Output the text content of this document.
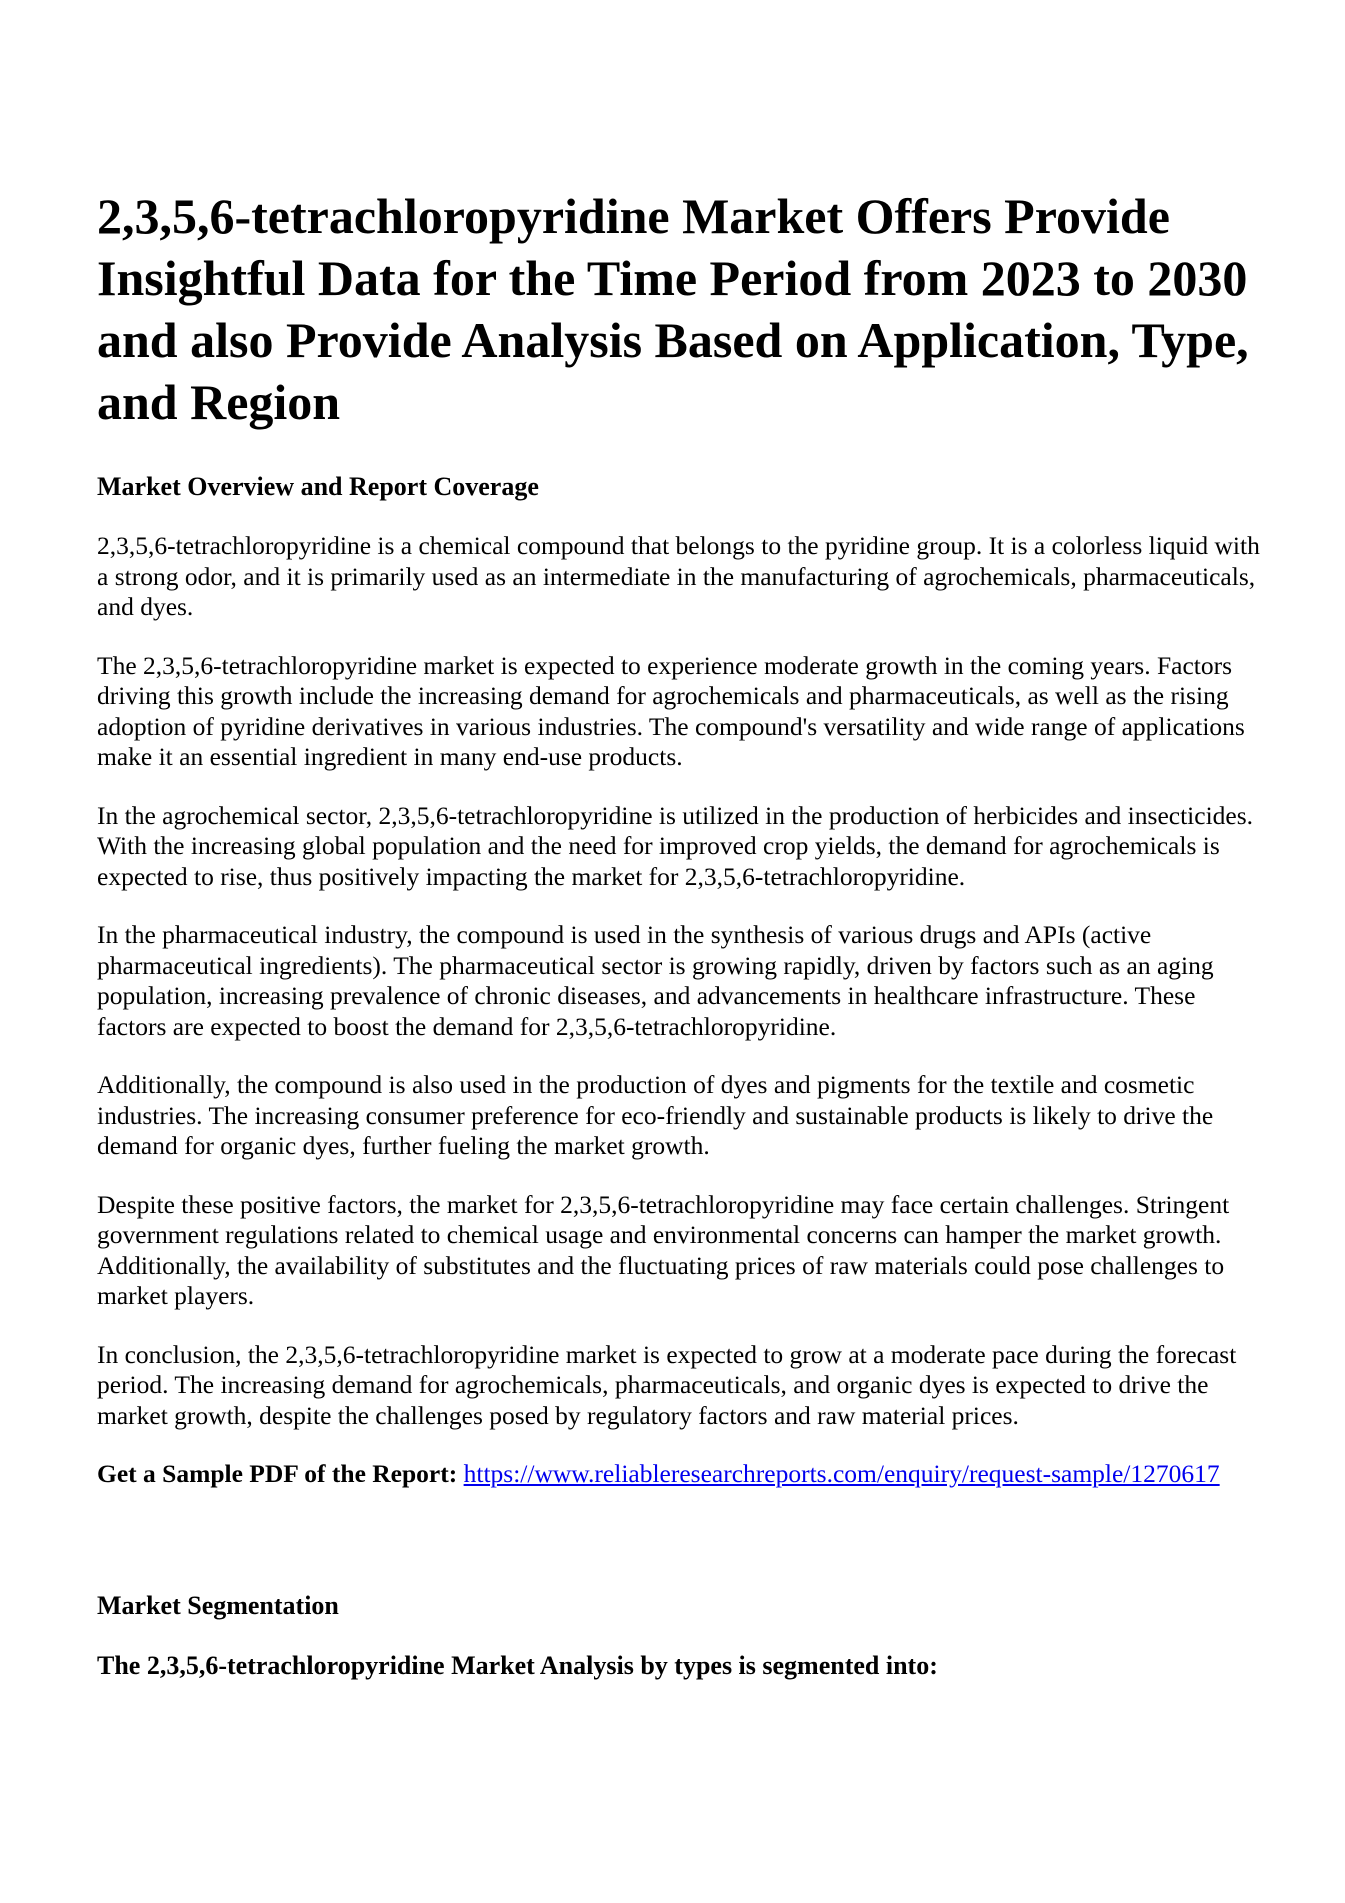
2,3,5,6-tetrachloropyridine Market Offers Provide Insightful Data for the Time Period from 2023 to 2030 and also Provide Analysis Based on Application, Type, and Region
Market Overview and Report Coverage

2,3,5,6-tetrachloropyridine is a chemical compound that belongs to the pyridine group. It is a colorless liquid with a strong odor, and it is primarily used as an intermediate in the manufacturing of agrochemicals, pharmaceuticals, and dyes.

The 2,3,5,6-tetrachloropyridine market is expected to experience moderate growth in the coming years. Factors driving this growth include the increasing demand for agrochemicals and pharmaceuticals, as well as the rising adoption of pyridine derivatives in various industries. The compound's versatility and wide range of applications make it an essential ingredient in many end-use products.

In the agrochemical sector, 2,3,5,6-tetrachloropyridine is utilized in the production of herbicides and insecticides. With the increasing global population and the need for improved crop yields, the demand for agrochemicals is expected to rise, thus positively impacting the market for 2,3,5,6-tetrachloropyridine.

In the pharmaceutical industry, the compound is used in the synthesis of various drugs and APIs (active pharmaceutical ingredients). The pharmaceutical sector is growing rapidly, driven by factors such as an aging population, increasing prevalence of chronic diseases, and advancements in healthcare infrastructure. These factors are expected to boost the demand for 2,3,5,6-tetrachloropyridine.

Additionally, the compound is also used in the production of dyes and pigments for the textile and cosmetic industries. The increasing consumer preference for eco-friendly and sustainable products is likely to drive the demand for organic dyes, further fueling the market growth.

Despite these positive factors, the market for 2,3,5,6-tetrachloropyridine may face certain challenges. Stringent government regulations related to chemical usage and environmental concerns can hamper the market growth. Additionally, the availability of substitutes and the fluctuating prices of raw materials could pose challenges to market players.

In conclusion, the 2,3,5,6-tetrachloropyridine market is expected to grow at a moderate pace during the forecast period. The increasing demand for agrochemicals, pharmaceuticals, and organic dyes is expected to drive the market growth, despite the challenges posed by regulatory factors and raw material prices.

Get a Sample PDF of the Report: https://www.reliableresearchreports.com/enquiry/request-sample/1270617
Market Segmentation
The 2,3,5,6-tetrachloropyridine Market Analysis by types is segmented into:
